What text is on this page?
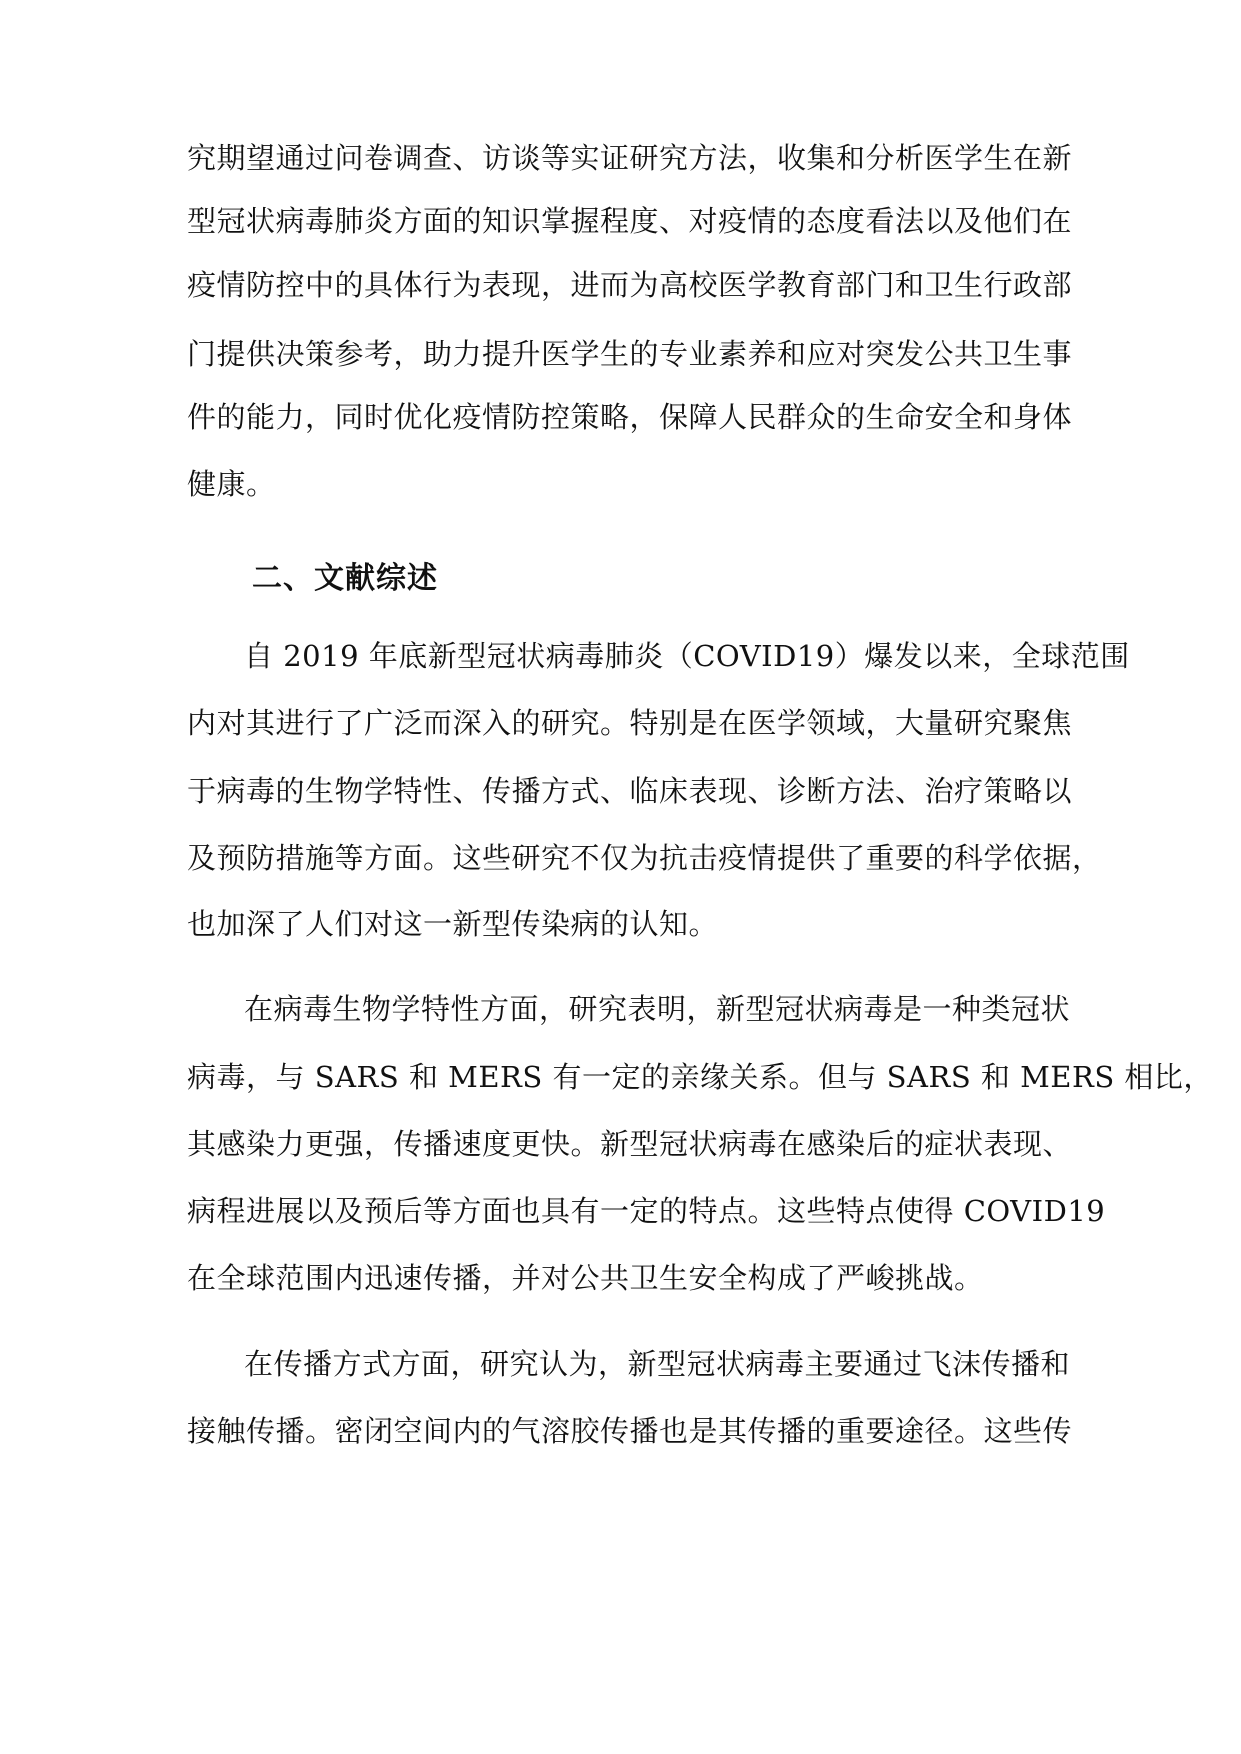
究期望通过问卷调查、访谈等实证研究方法，收集和分析医学生在新
型冠状病毒肺炎方面的知识掌握程度、对疫情的态度看法以及他们在
疫情防控中的具体行为表现，进而为高校医学教育部门和卫生行政部
门提供决策参考，助力提升医学生的专业素养和应对突发公共卫生事
件的能力，同时优化疫情防控策略，保障人民群众的生命安全和身体
健康。
二、文献综述
自 2019 年底新型冠状病毒肺炎（COVID19）爆发以来，全球范围
内对其进行了广泛而深入的研究。特别是在医学领域，大量研究聚焦
于病毒的生物学特性、传播方式、临床表现、诊断方法、治疗策略以
及预防措施等方面。这些研究不仅为抗击疫情提供了重要的科学依据，
也加深了人们对这一新型传染病的认知。
在病毒生物学特性方面，研究表明，新型冠状病毒是一种类冠状
病毒，与 SARS 和 MERS 有一定的亲缘关系。但与 SARS 和 MERS 相比，
其感染力更强，传播速度更快。新型冠状病毒在感染后的症状表现、
病程进展以及预后等方面也具有一定的特点。这些特点使得 COVID19
在全球范围内迅速传播，并对公共卫生安全构成了严峻挑战。
在传播方式方面，研究认为，新型冠状病毒主要通过飞沫传播和
接触传播。密闭空间内的气溶胶传播也是其传播的重要途径。这些传
